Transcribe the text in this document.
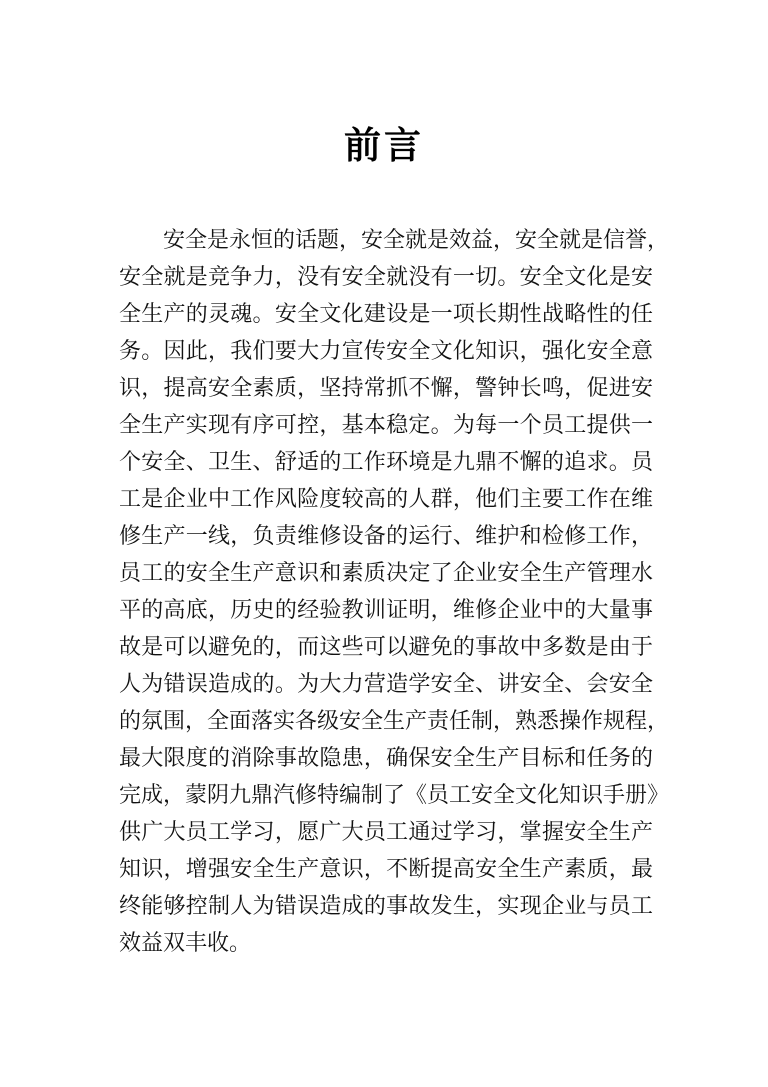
前言
安全是永恒的话题，安全就是效益，安全就是信誉，
安全就是竞争力，没有安全就没有一切。安全文化是安
全生产的灵魂。安全文化建设是一项长期性战略性的任
务。因此，我们要大力宣传安全文化知识，强化安全意
识，提高安全素质，坚持常抓不懈，警钟长鸣，促进安
全生产实现有序可控，基本稳定。为每一个员工提供一
个安全、卫生、舒适的工作环境是九鼎不懈的追求。员
工是企业中工作风险度较高的人群，他们主要工作在维
修生产一线，负责维修设备的运行、维护和检修工作，
员工的安全生产意识和素质决定了企业安全生产管理水
平的高底，历史的经验教训证明，维修企业中的大量事
故是可以避免的，而这些可以避免的事故中多数是由于
人为错误造成的。为大力营造学安全、讲安全、会安全
的氛围，全面落实各级安全生产责任制，熟悉操作规程，
最大限度的消除事故隐患，确保安全生产目标和任务的
完成，蒙阴九鼎汽修特编制了《员工安全文化知识手册》
供广大员工学习，愿广大员工通过学习，掌握安全生产
知识，增强安全生产意识，不断提高安全生产素质，最
终能够控制人为错误造成的事故发生，实现企业与员工
效益双丰收。
